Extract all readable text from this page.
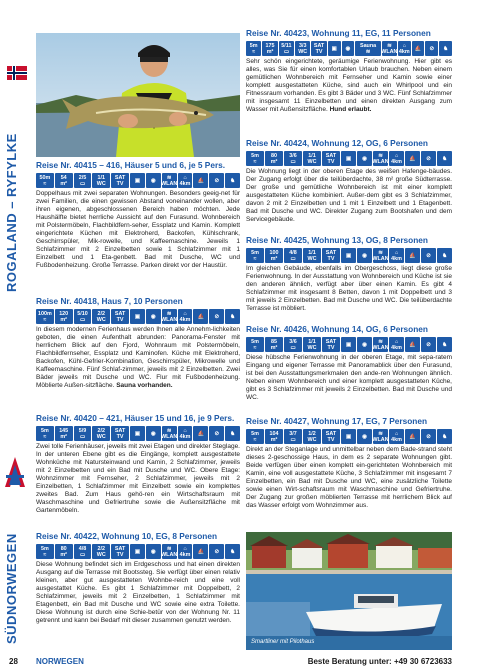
ROGALAND – RYFYLKE
SÜDNORWEGEN
Reise Nr. 40415 – 416, Häuser 5 und 6, je 5 Pers.
50m
≈
54
m²
2/5
▭
1/1
WC
SAT
TV	▣	◉	≋
WLAN
⌂
4km	⛵	⊘	♞

Doppelhaus mit zwei separaten Wohnungen. Besonders geeig-net für zwei Familien, die einen gewissen Abstand voneinander wollen, aber ihren eigenen, abgeschlossenen Bereich haben möchten. Jede Haushälfte bietet herrliche Aussicht auf den Furasund. Wohnbereich mit Polstermöbeln, Flachbildfern-seher, Essplatz und Kamin. Komplett eingerichtete Küchen mit Elektroherd, Backofen, Kühlschrank, Geschirrspüler, Mik-rowelle, und Kaffeemaschine. Jeweils 1 Schlafzimmer mit 2 Einzelbetten sowie 1 Schlafzimmer mit 1 Einzelbett und 1 Eta-genbett. Bad mit Dusche, WC und Fußbodenheizung. Große Terrasse. Parken direkt vor der Haustür.

Reise Nr. 40418, Haus 7, 10 Personen
100m
≈
120
m²
5/10
▭
2/2
WC
SAT
TV	▣	◉	≋
WLAN
⌂
4km	⛵	⊘	♞

In diesem modernen Ferienhaus werden Ihnen alle Annehm-lichkeiten geboten, die einen Aufenthalt abrunden: Panorama-Fenster mit herrlichem Blick auf den Fjord, Wohnraum mit Polstermöbeln, Flachbildfernseher, Essplatz und Kaminofen. Küche mit Elektroherd, Backofen, Kühl-Gefrier-Kombination, Geschirrspüler, Mikrowelle und Kaffeemaschine. Fünf Schlaf-zimmer, jeweils mit 2 Einzelbetten. Zwei Bäder jeweils mit Dusche und WC. Flur mit Fußbodenheizung. Möblierte Außen-sitzfläche. Sauna vorhanden.

Reise Nr. 40420 – 421, Häuser 15 und 16, je 9 Pers.
5m
≈
145
m²
5/9
▭
2/2
WC
SAT
TV	▣	◉	≋
WLAN
⌂
4km	⛵	⊘	♞

Zwei tolle Ferienhäuser, jeweils mit zwei Etagen und direkter Steglage. In der unteren Ebene gibt es die Eingänge, komplett ausgestattete Wohnküche mit Natursteinwand und Kamin, 2 Schlafzimmer, jeweils mit 2 Einzelbetten und ein Bad mit Dusche und WC. Obere Etage: Wohnzimmer mit Fernseher, 2 Schlafzimmer, jeweils mit 2 Einzelbetten, 1 Schlafzimmer mit Einzelbett sowie ein komplettes zweites Bad. Zum Haus gehö-ren ein Wirtschaftsraum mit Waschmaschine und Gefriertruhe sowie die Außensitzfläche mit Gartenmöbeln.

Reise Nr. 40422, Wohnung 10, EG, 8 Personen
5m
≈
80
m²
4/8
▭
2/2
WC
SAT
TV	▣	◉	≋
WLAN
⌂
4km	⛵	⊘	♞

Diese Wohnung befindet sich im Erdgeschoss und hat einen direkten Ausgang auf die Terrasse mit Bootssteg. Sie verfügt über einen relativ kleinen, aber gut ausgestatteten Wohnbe-reich und eine voll ausgestattet Küche. Es gibt 1 Schlafzimmer mit Doppelbett, 2 Schlafzimmer, jeweils mit 2 Einzelbetten, 1 Schlafzimmer mit Etagenbett, ein Bad mit Dusche und WC sowie eine extra Toilette. Diese Wohnung ist durch eine Schie-betür von der Wohnung Nr. 11 getrennt und kann bei Bedarf mit dieser zusammen genutzt werden.

Reise Nr. 40423, Wohnung 11, EG, 11 Personen
5m
≈
175
m²
5/11
▭
3/3
WC
SAT
TV	▣	◉	Sauna
≋
≋
WLAN
⌂
4km ⛵	⊘	♞

Sehr schön eingerichtete, geräumige Ferienwohnung. Hier gibt es alles, was Sie für einen komfortablen Urlaub brauchen. Neben einem gemütlichen Wohnbereich mit Fernseher und Kamin sowie einer komplett ausgestatteten Küche, sind auch ein Whirlpool und ein Fitnessraum vorhanden. Es gibt 3 Bäder und 3 WC. Fünf Schlafzimmer mit insgesamt 11 Einzelbetten und einen direkten Ausgang zum Wasser mit Außensitzfläche. Hund erlaubt.

Reise Nr. 40424, Wohnung 12, OG, 6 Personen
5m
≈
80
m²
3/6
▭
1/1
WC
SAT
TV	▣	◉	≋
WLAN
⌂
4km	⛵	⊘	♞

Die Wohnung liegt in der oberen Etage des weißen Hafenge-bäudes. Der Zugang erfolgt über die teilüberdachte, 38 m² große Südterrasse. Der große und gemütliche Wohnbereich ist mit einer komplett ausgestatteten Küche kombiniert. Außer-dem gibt es 3 Schlafzimmer, davon 2 mit 2 Einzelbetten und 1 mit 1 Einzelbett und 1 Etagenbett. Bad mit Dusche und WC. Direkter Zugang zum Bootshafen und dem Servicegebäude.

Reise Nr. 40425, Wohnung 13, OG, 8 Personen
5m
≈
100
m²
4/8
▭
1/1
WC
SAT
TV	▣	◉	≋
WLAN
⌂
4km	⛵	⊘	♞

Im gleichen Gebäude, ebenfalls im Obergeschoss, liegt diese große Ferienwohnung. In der Ausstattung von Wohnbereich und Küche ist sie den anderen ähnlich, verfügt aber über einen Kamin. Es gibt 4 Schlafzimmer mit insgesamt 8 Betten, davon 1 mit Doppelbett und 3 mit jeweils 2 Einzelbetten. Bad mit Dusche und WC. Die teilüberdachte Terrasse ist möbliert.

Reise Nr. 40426, Wohnung 14, OG, 6 Personen
5m
≈
85
m²
3/6
▭
1/1
WC
SAT
TV	▣	◉	≋
WLAN
⌂
4km	⛵	⊘	♞

Diese hübsche Ferienwohnung in der oberen Etage, mit sepa-ratem Eingang und eigener Terrasse mit Panoramablick über den Furasund, ist bei den Ausstattungsmerkmalen den ande-ren Wohnungen ähnlich. Neben einem Wohnbereich und einer komplett ausgestatteten Küche, gibt es 3 Schlafzimmer mit jeweils 2 Einzelbetten. Bad mit Dusche und WC.

Reise Nr. 40427, Wohnung 17, EG, 7 Personen
5m
≈
104
m²
3/7
▭
1/2
WC
SAT
TV	▣	◉	≋
WLAN
⌂
4km	⛵	⊘	♞

Direkt an der Steganlage und unmittelbar neben dem Bade-strand steht dieses 2-geschossige Haus, in dem es 2 separate Wohnungen gibt. Beide verfügen über einen komplett ein-gerichteten Wohnbereich mit Kamin, eine voll ausgestattete Küche, 3 Schlafzimmer mit insgesamt 7 Einzelbetten, ein Bad mit Dusche und WC, eine zusätzliche Toilette sowie einen Wirt-schaftsraum mit Waschmaschine und Gefriertruhe. Der Zugang zur großen möblierten Terrasse mit herrlichem Blick auf das Wasser erfolgt vom Wohnzimmer aus.

Smartliner mit Pilothaus
28 NORWEGEN	Beste Beratung unter: +49 30 6723633
